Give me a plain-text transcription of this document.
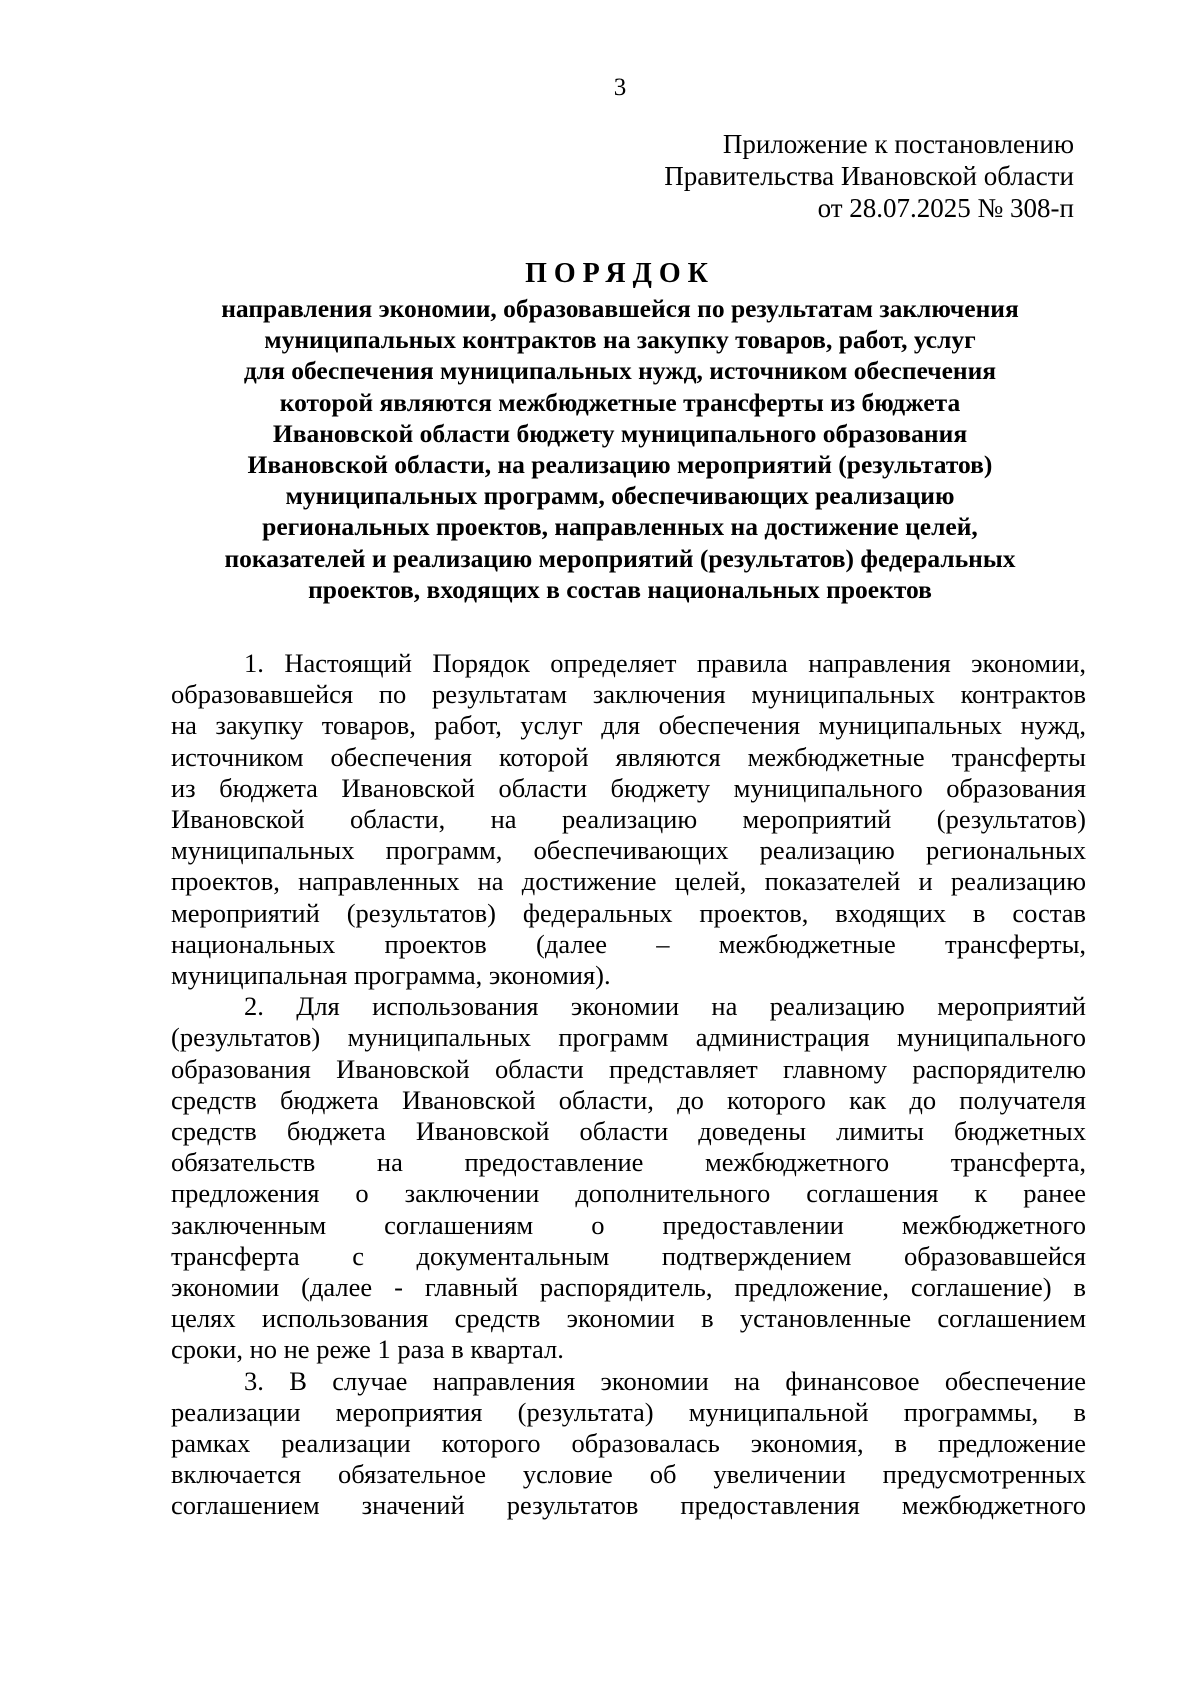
3
Приложение к постановлению
Правительства Ивановской области
от 28.07.2025 № 308-п
ПОРЯДОК
направления экономии, образовавшейся по результатам заключения
муниципальных контрактов на закупку товаров, работ, услуг
для обеспечения муниципальных нужд, источником обеспечения
которой являются межбюджетные трансферты из бюджета
Ивановской области бюджету муниципального образования
Ивановской области, на реализацию мероприятий (результатов)
муниципальных программ, обеспечивающих реализацию
региональных проектов, направленных на достижение целей,
показателей и реализацию мероприятий (результатов) федеральных
проектов, входящих в состав национальных проектов
1. Настоящий Порядок определяет правила направления экономии,
образовавшейся по результатам заключения муниципальных контрактов
на закупку товаров, работ, услуг для обеспечения муниципальных нужд,
источником обеспечения которой являются межбюджетные трансферты
из бюджета Ивановской области бюджету муниципального образования
Ивановской области, на реализацию мероприятий (результатов)
муниципальных программ, обеспечивающих реализацию региональных
проектов, направленных на достижение целей, показателей и реализацию
мероприятий (результатов) федеральных проектов, входящих в состав
национальных проектов (далее – межбюджетные трансферты,
муниципальная программа, экономия).
2. Для использования экономии на реализацию мероприятий
(результатов) муниципальных программ администрация муниципального
образования Ивановской области представляет главному распорядителю
средств бюджета Ивановской области, до которого как до получателя
средств бюджета Ивановской области доведены лимиты бюджетных
обязательств на предоставление межбюджетного трансферта,
предложения о заключении дополнительного соглашения к ранее
заключенным соглашениям о предоставлении межбюджетного
трансферта с документальным подтверждением образовавшейся
экономии (далее - главный распорядитель, предложение, соглашение) в
целях использования средств экономии в установленные соглашением
сроки, но не реже 1 раза в квартал.
3. В случае направления экономии на финансовое обеспечение
реализации мероприятия (результата) муниципальной программы, в
рамках реализации которого образовалась экономия, в предложение
включается обязательное условие об увеличении предусмотренных
соглашением значений результатов предоставления межбюджетного
